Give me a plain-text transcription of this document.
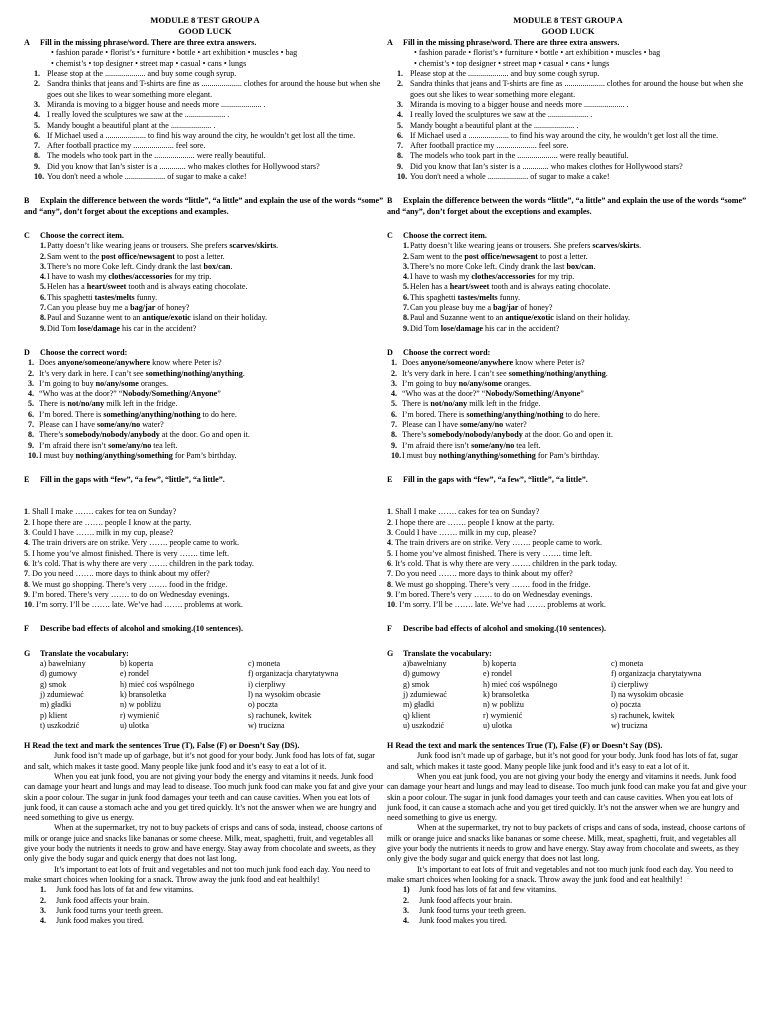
MODULE 8 TEST GROUP A
GOOD LUCK
A Fill in the missing phrase/word. There are three extra answers.
• fashion parade • florist’s • furniture • bottle • art exhibition • muscles • bag
• chemist’s • top designer • street map • casual • cans • lungs
1. Please stop at the .................... and buy some cough syrup.
2. Sandra thinks that jeans and T-shirts are fine as .................... clothes for around the house but when she goes out she likes to wear something more elegant.
3. Miranda is moving to a bigger house and needs more .................... .
4. I really loved the sculptures we saw at the .................... .
5. Mandy bought a beautiful plant at the .................... .
6. If Michael used a .................... to find his way around the city, he wouldn’t get lost all the time.
7. After football practice my .................... feel sore.
8. The models who took part in the .................... were really beautiful.
9. Did you know that Ian’s sister is a ............. who makes clothes for Hollywood stars?
10. You don't need a whole .................... of sugar to make a cake!
B Explain the difference between the words “little”, “a little” and explain the use of the words “some” and “any”, don’t forget about the exceptions and examples.
C Choose the correct item.
1. Patty doesn’t like wearing jeans or trousers. She prefers scarves/skirts.
2. Sam went to the post office/newsagent to post a letter.
3. There’s no more Coke left. Cindy drank the last box/can.
4. I have to wash my clothes/accessories for my trip.
5. Helen has a heart/sweet tooth and is always eating chocolate.
6. This spaghetti tastes/melts funny.
7. Can you please buy me a bag/jar of honey?
8. Paul and Suzanne went to an antique/exotic island on their holiday.
9. Did Tom lose/damage his car in the accident?
D Choose the correct word:
1. Does anyone/someone/anywhere know where Peter is?
2. It’s very dark in here. I can’t see something/nothing/anything.
3. I’m going to buy no/any/some oranges.
4. “Who was at the door?” “Nobody/Something/Anyone”
5. There is not/no/any milk left in the fridge.
6. I’m bored. There is something/anything/nothing to do here.
7. Please can I have some/any/no water?
8. There’s somebody/nobody/anybody at the door. Go and open it.
9. I’m afraid there isn’t some/any/no tea left.
10. I must buy nothing/anything/something for Pam’s birthday.
E Fill in the gaps with “few”, “a few”, “little”, “a little”.
1. Shall I make ……. cakes for tea on Sunday?
2. I hope there are ……. people I know at the party.
3. Could I have ……. milk in my cup, please?
4. The train drivers are on strike. Very ……. people came to work.
5. I home you’ve almost finished. There is very ……. time left.
6. It’s cold. That is why there are very ……. children in the park today.
7. Do you need ……. more days to think about my offer?
8. We must go shopping. There’s very ……. food in the fridge.
9. I’m bored. There’s very ……. to do on Wednesday evenings.
10. I’m sorry. I’ll be ……. late. We’ve had ……. problems at work.
F Describe bad effects of alcohol and smoking.(10 sentences).
G Translate the vocabulary:
a) bawełniany	b) koperta	c) moneta
d) gumowy	e) rondel	f) organizacja charytatywna
g) smok	h) mieć coś wspólnego	i) cierpliwy
j) zdumiewać	k) bransoletka	l) na wysokim obcasie
m) gładki	n) w pobliżu	o) poczta
p) klient	r) wymienić	s) rachunek, kwitek
t) uszkodzić	u) ulotka	w) trucizna
H Read the text and mark the sentences True (T), False (F) or Doesn’t Say (DS).
Junk food isn’t made up of garbage, but it’s not good for your body. Junk food has lots of fat, sugar and salt, which makes it taste good. Many people like junk food and it’s easy to eat a lot of it.
When you eat junk food, you are not giving your body the energy and vitamins it needs. Junk food can damage your heart and lungs and may lead to disease. Too much junk food can make you fat and give your skin a poor colour. The sugar in junk food damages your teeth and can cause cavities. When you eat lots of junk food, it can cause a stomach ache and you get tired quickly. It’s not the answer when we are hungry and need something to give us energy.
When at the supermarket, try not to buy packets of crisps and cans of soda, instead, choose cartons of milk or orange juice and snacks like bananas or some cheese. Milk, meat, spaghetti, fruit, and vegetables all give your body the nutrients it needs to grow and have energy. Stay away from chocolate and sweets, as they only give the body sugar and quick energy that does not last long.
It’s important to eat lots of fruit and vegetables and not too much junk food each day. You need to make smart choices when looking for a snack. Throw away the junk food and eat healthily!
1. Junk food has lots of fat and few vitamins.
2. Junk food affects your brain.
3. Junk food turns your teeth green.
4. Junk food makes you tired.
MODULE 8 TEST GROUP A
GOOD LUCK
A Fill in the missing phrase/word. There are three extra answers.
• fashion parade • florist’s • furniture • bottle • art exhibition • muscles • bag
• chemist’s • top designer • street map • casual • cans • lungs
1. Please stop at the .................... and buy some cough syrup.
2. Sandra thinks that jeans and T-shirts are fine as .................... clothes for around the house but when she goes out she likes to wear something more elegant.
3. Miranda is moving to a bigger house and needs more .................... .
4. I really loved the sculptures we saw at the .................... .
5. Mandy bought a beautiful plant at the .................... .
6. If Michael used a .................... to find his way around the city, he wouldn’t get lost all the time.
7. After football practice my .................... feel sore.
8. The models who took part in the .................... were really beautiful.
9. Did you know that Ian’s sister is a ............. who makes clothes for Hollywood stars?
10. You don't need a whole .................... of sugar to make a cake!
B Explain the difference between the words “little”, “a little” and explain the use of the words “some” and “any”, don’t forget about the exceptions and examples.
C Choose the correct item.
1. Patty doesn’t like wearing jeans or trousers. She prefers scarves/skirts.
2. Sam went to the post office/newsagent to post a letter.
3. There’s no more Coke left. Cindy drank the last box/can.
4. I have to wash my clothes/accessories for my trip.
5. Helen has a heart/sweet tooth and is always eating chocolate.
6. This spaghetti tastes/melts funny.
7. Can you please buy me a bag/jar of honey?
8. Paul and Suzanne went to an antique/exotic island on their holiday.
9. Did Tom lose/damage his car in the accident?
D Choose the correct word:
1. Does anyone/someone/anywhere know where Peter is?
2. It’s very dark in here. I can’t see something/nothing/anything.
3. I’m going to buy no/any/some oranges.
4. “Who was at the door?” “Nobody/Something/Anyone”
5. There is not/no/any milk left in the fridge.
6. I’m bored. There is something/anything/nothing to do here.
7. Please can I have some/any/no water?
8. There’s somebody/nobody/anybody at the door. Go and open it.
9. I’m afraid there isn’t some/any/no tea left.
10. I must buy nothing/anything/something for Pam’s birthday.
E Fill in the gaps with “few”, “a few”, “little”, “a little”.
1. Shall I make ……. cakes for tea on Sunday?
2. I hope there are ……. people I know at the party.
3. Could I have ……. milk in my cup, please?
4. The train drivers are on strike. Very ……. people came to work.
5. I home you’ve almost finished. There is very ……. time left.
6. It’s cold. That is why there are very ……. children in the park today.
7. Do you need ……. more days to think about my offer?
8. We must go shopping. There’s very ……. food in the fridge.
9. I’m bored. There’s very ……. to do on Wednesday evenings.
10. I’m sorry. I’ll be ……. late. We’ve had ……. problems at work.
F Describe bad effects of alcohol and smoking.(10 sentences).
G Translate the vocabulary:
a)bawełniany	b) koperta	c) moneta
d) gumowy	e) rondel	f) organizacja charytatywna
g) smok	h) mieć coś wspólnego	i) cierpliwy
j) zdumiewać	k) bransoletka	l) na wysokim obcasie
m) gładki	n) w pobliżu	o) poczta
q) klient	r) wymienić	s) rachunek, kwitek
u) uszkodzić	u) ulotka	w) trucizna
H Read the text and mark the sentences True (T), False (F) or Doesn’t Say (DS).
Junk food isn’t made up of garbage, but it’s not good for your body. Junk food has lots of fat, sugar and salt, which makes it taste good. Many people like junk food and it’s easy to eat a lot of it.
When you eat junk food, you are not giving your body the energy and vitamins it needs. Junk food can damage your heart and lungs and may lead to disease. Too much junk food can make you fat and give your skin a poor colour. The sugar in junk food damages your teeth and can cause cavities. When you eat lots of junk food, it can cause a stomach ache and you get tired quickly. It’s not the answer when we are hungry and need something to give us energy.
When at the supermarket, try not to buy packets of crisps and cans of soda, instead, choose cartons of milk or orange juice and snacks like bananas or some cheese. Milk, meat, spaghetti, fruit, and vegetables all give your body the nutrients it needs to grow and have energy. Stay away from chocolate and sweets, as they only give the body sugar and quick energy that does not last long.
It’s important to eat lots of fruit and vegetables and not too much junk food each day. You need to make smart choices when looking for a snack. Throw away the junk food and eat healthily!
1) Junk food has lots of fat and few vitamins.
2. Junk food affects your brain.
3. Junk food turns your teeth green.
4. Junk food makes you tired.
